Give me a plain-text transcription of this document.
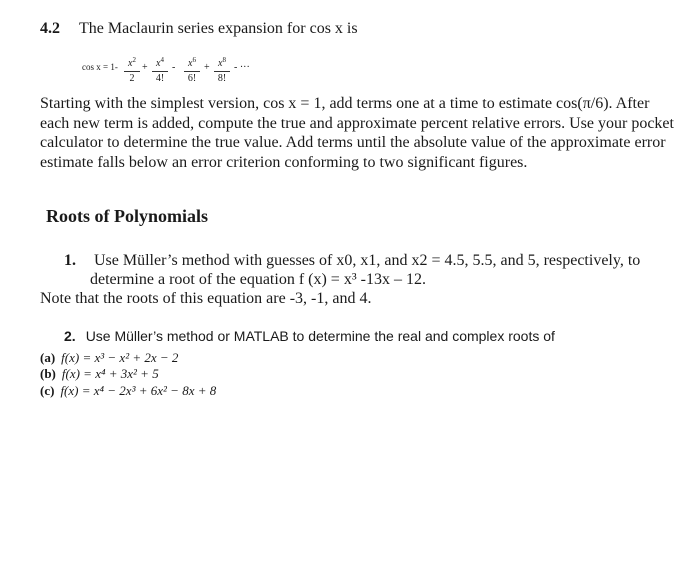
4.2 The Maclaurin series expansion for cos x is
$\cos x = 1- \frac{x^2}{2} + \frac{x^4}{4!} - \frac{x^6}{6!} + \frac{x^8}{8!}$ - ···
Starting with the simplest version, cos x = 1, add terms one at a time to estimate cos(π/6). After each new term is added, compute the true and approximate percent relative errors. Use your pocket calculator to determine the true value. Add terms until the absolute value of the approximate error estimate falls below an error criterion conforming to two significant figures.
Roots of Polynomials
1. Use Müller’s method with guesses of x0, x1, and x2 = 4.5, 5.5, and 5, respectively, to
determine a root of the equation f (x) = x³ -13x – 12.
Note that the roots of this equation are -3, -1, and 4.
2. Use Müller’s method or MATLAB to determine the real and complex roots of
(a) f(x) = x³ − x² + 2x − 2
(b) f(x) = x⁴ + 3x² + 5
(c) f(x) = x⁴ − 2x³ + 6x² − 8x + 8
